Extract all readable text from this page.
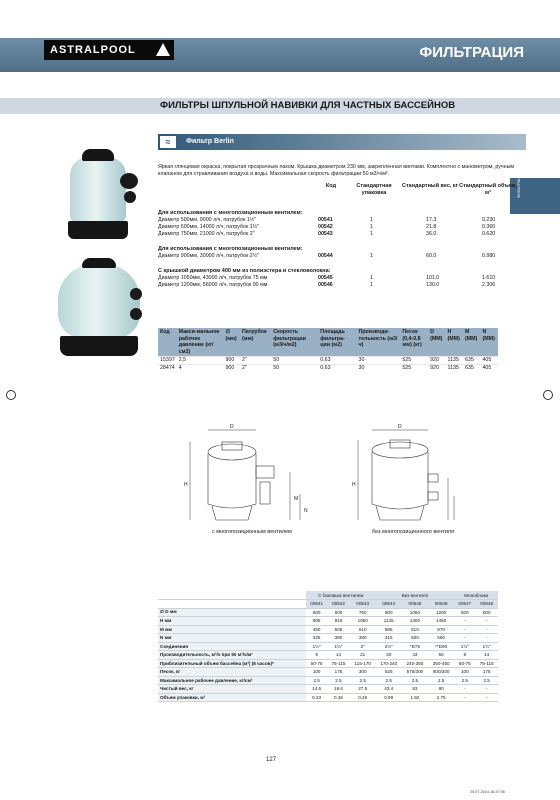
ASTRALPOOL	ФИЛЬТРАЦИЯ
ФИЛЬТРЫ ШПУЛЬНОЙ НАВИВКИ ДЛЯ ЧАСТНЫХ БАССЕЙНОВ
≈	Фильтр Berlin
ФИЛЬТРАЦИЯ
Яркая глянцевая окраска, покрытая прозрачным лаком. Крышка диаметром 230 мм, закрепленная винтами. Комплектно с манометром, ручным клапаном для стравливания воздуха и воды. Максимальная скорость фильтрации 50 м3/ч/м².
Код	Стандартная упаковка
Стандартный вес, кг Стандартный объем, м³
Для использования с многопозиционным вентилем:
Диаметр 500мм, 9000 л/ч, патрубок 1½"	00541	1	17.3	0.230
Диаметр 600мм, 14000 л/ч, патрубок 1½"	00542	1	21.8	0.360
Диаметр 750мм, 21000 л/ч, патрубок 2"	00543	1	36.0	0.620
Для использования с многопозиционным вентилем:
Диаметр 900мм, 30000 л/ч, патрубок 2½"	00544	1	60.0	0.980
С крышкой диаметром 400 мм из полиэстера и стекловолокна:
Диаметр 1050мм, 43000 л/ч, патрубок 75 мм	00545	1	101.0	1.610
Диаметр 1200мм, 56000 л/ч, патрубок 90 мм	00546	1	130.0	2.306
Код	Макси-мальное рабочее давление (кг/см2)	∅ (мм)	Патрубок (мм)	Скорость фильтрации (м3/ч/м2)	Площадь фильтра-ции (м2)	Производи-тельность (м3/ч)	Песок (0,4-0,8 мм) (кг)	D (ММ)	H (ММ)	M (ММ)	N (ММ)
15397	2,5	900	2"	50	0,63	30	525	920	1135	635	405
28474	4	900	2"	50	0,63	30	525	920	1135	635	405
D
H
M
N
D
H
с многопозиционным вентилем	без многопозиционного вентиля
	С боковым вентилем			Без вентиля			Моноблоки	
	00541	00542	00543	00544	00545	00546	00547	00548
∅ D мм	500	600	750	900	1050	1200	500	600
H мм	805	910	1050	1145	1300	1450	-	-
M мм	450	505	610	685	810	870	-	-
N мм	325	380	380	415	500	560	-	-
Соединения	1½"	1½"	2"	2½"	*D75	**D90	1½"	1½"
Производительность, м³/ч при 50 м³/ч/м²	9	14	21	30	43	56	9	14
Приблизительный объем бассейна (м³) (8 часов)*	50-75	75-115	115-170	170-240	240-350	350-450	50-75	75-115
Песок, кг	100	175	300	525	575/300	800/300	100	175
Максимальное рабочее давление, кг/см²	2.5	2.5	2.5	2.5	2.5	2.5	2.5	2.5
Чистый вес, кг	14.6	18.6	27.5	43.4	83	90	-	-
Объем упаковки, м³	0.23	0.36	0.26	0.99	1.92	2.75	-	-
127
25.07.2014 16:37:06
